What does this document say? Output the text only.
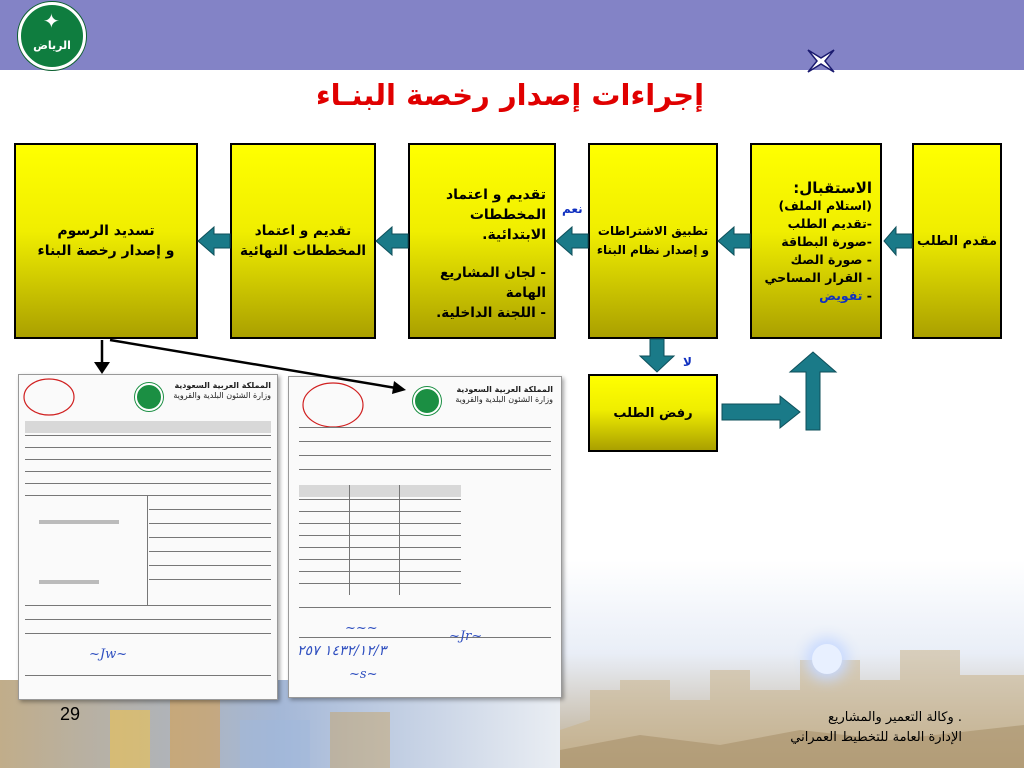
✦
الرياض
إجراءات إصدار رخصة البنـاء
مقدم الطلب
الاستقبال:
(استلام الملف)
-تقديم الطلب
-صورة البطاقة
- صورة الصك
- القرار المساحي
- تفويض
تطبيق الاشتراطات
و إصدار نظام البناء
تقديم و اعتماد المخططات الابتدائية.
- لجان المشاريع الهامة
- اللجنة الداخلية.
تقديم و اعتماد
المخططات النهائية
تسديد الرسوم
و إصدار رخصة البناء
رفض الطلب
نعم
لا
المملكة العربية السعودية
وزارة الشئون البلدية والقروية
~Jw~
المملكة العربية السعودية
وزارة الشئون البلدية والقروية
~~~
~Jr~
١٤٣٢/١٢/٣ ٢٥٧
~s~
29	. وكالة التعمير والمشاريع
الإدارة العامة للتخطيط العمراني
